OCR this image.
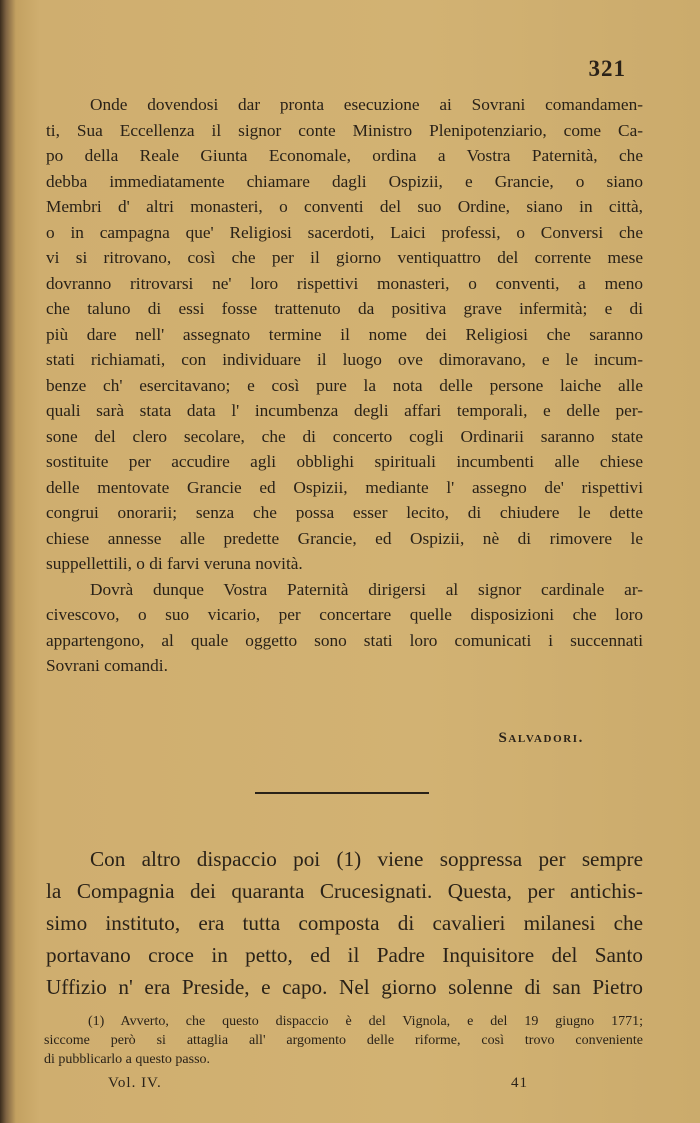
321
Onde dovendosi dar pronta esecuzione ai Sovrani comandamen-
ti, Sua Eccellenza il signor conte Ministro Plenipotenziario, come Ca-
po della Reale Giunta Economale, ordina a Vostra Paternità, che
debba immediatamente chiamare dagli Ospizii, e Grancie, o siano
Membri d' altri monasteri, o conventi del suo Ordine, siano in città,
o in campagna que' Religiosi sacerdoti, Laici professi, o Conversi che
vi si ritrovano, così che per il giorno ventiquattro del corrente mese
dovranno ritrovarsi ne' loro rispettivi monasteri, o conventi, a meno
che taluno di essi fosse trattenuto da positiva grave infermità; e di
più dare nell' assegnato termine il nome dei Religiosi che saranno
stati richiamati, con individuare il luogo ove dimoravano, e le incum-
benze ch' esercitavano; e così pure la nota delle persone laiche alle
quali sarà stata data l' incumbenza degli affari temporali, e delle per-
sone del clero secolare, che di concerto cogli Ordinarii saranno state
sostituite per accudire agli obblighi spirituali incumbenti alle chiese
delle mentovate Grancie ed Ospizii, mediante l' assegno de' rispettivi
congrui onorarii; senza che possa esser lecito, di chiudere le dette
chiese annesse alle predette Grancie, ed Ospizii, nè di rimovere le
suppellettili, o di farvi veruna novità.
Dovrà dunque Vostra Paternità dirigersi al signor cardinale ar-
civescovo, o suo vicario, per concertare quelle disposizioni che loro
appartengono, al quale oggetto sono stati loro comunicati i succennati
Sovrani comandi.
Salvadori.
Con altro dispaccio poi (1) viene soppressa per sempre
la Compagnia dei quaranta Crucesignati. Questa, per antichis-
simo instituto, era tutta composta di cavalieri milanesi che
portavano croce in petto, ed il Padre Inquisitore del Santo
Uffizio n' era Preside, e capo. Nel giorno solenne di san Pietro
(1) Avverto, che questo dispaccio è del Vignola, e del 19 giugno 1771;
siccome però si attaglia all' argomento delle riforme, così trovo conveniente
di pubblicarlo a questo passo.
Vol. IV.	41
